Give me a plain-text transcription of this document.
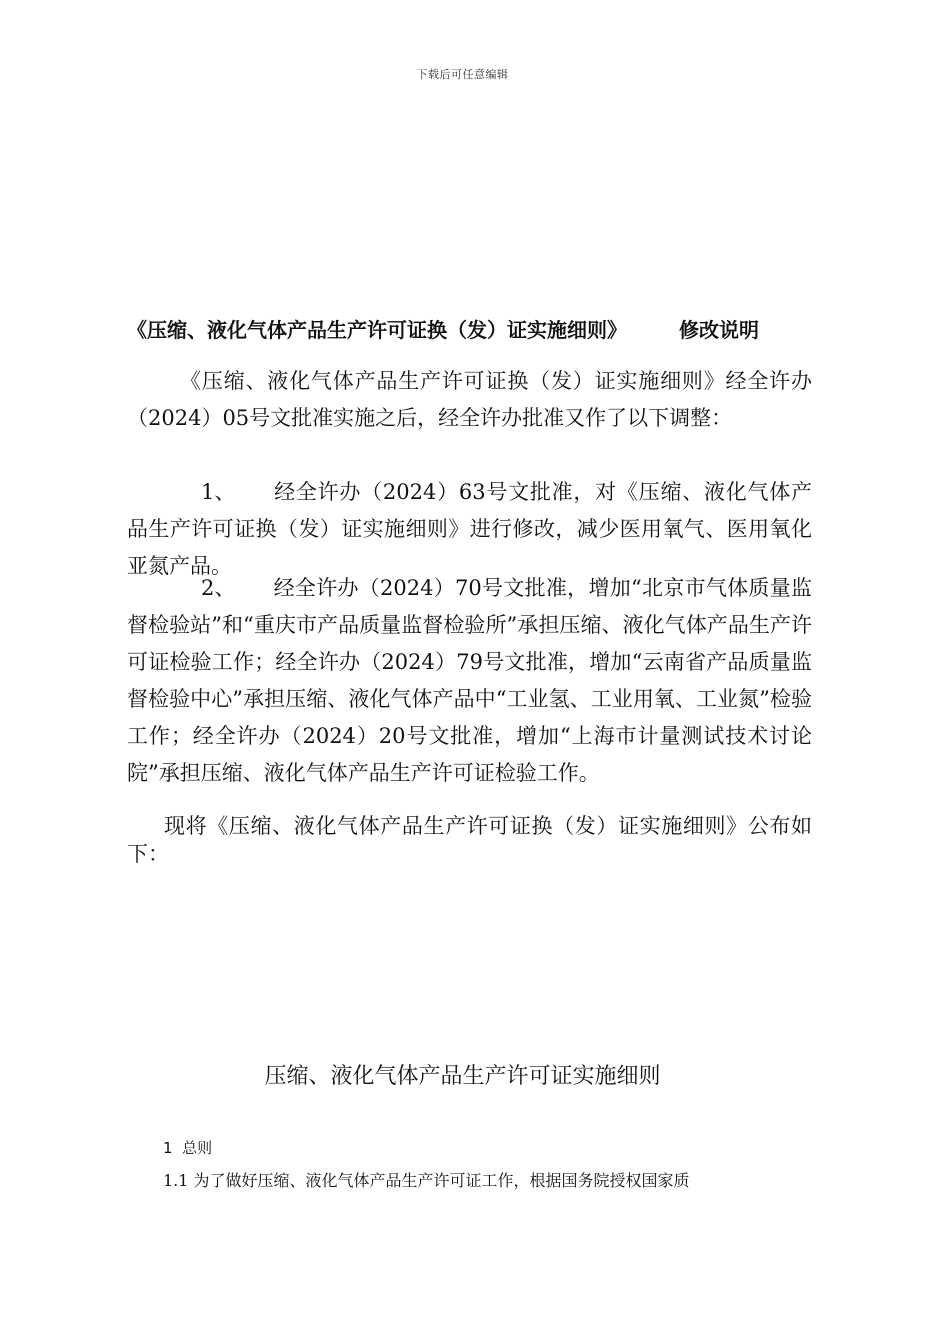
下载后可任意编辑
《压缩、液化气体产品生产许可证换（发）证实施细则》	修改说明
《压缩、液化气体产品生产许可证换（发）证实施细则》经全许办（2024）05号文批准实施之后，经全许办批准又作了以下调整：
1、 经全许办（2024）63号文批准，对《压缩、液化气体产品生产许可证换（发）证实施细则》进行修改，减少医用氧气、医用氧化亚氮产品。
2、 经全许办（2024）70号文批准，增加“北京市气体质量监督检验站”和“重庆市产品质量监督检验所”承担压缩、液化气体产品生产许可证检验工作；经全许办（2024）79号文批准，增加“云南省产品质量监督检验中心”承担压缩、液化气体产品中“工业氢、工业用氧、工业氮”检验工作；经全许办（2024）20号文批准，增加“上海市计量测试技术讨论院”承担压缩、液化气体产品生产许可证检验工作。
现将《压缩、液化气体产品生产许可证换（发）证实施细则》公布如下：
压缩、液化气体产品生产许可证实施细则
1 总则
1.1 为了做好压缩、液化气体产品生产许可证工作，根据国务院授权国家质
